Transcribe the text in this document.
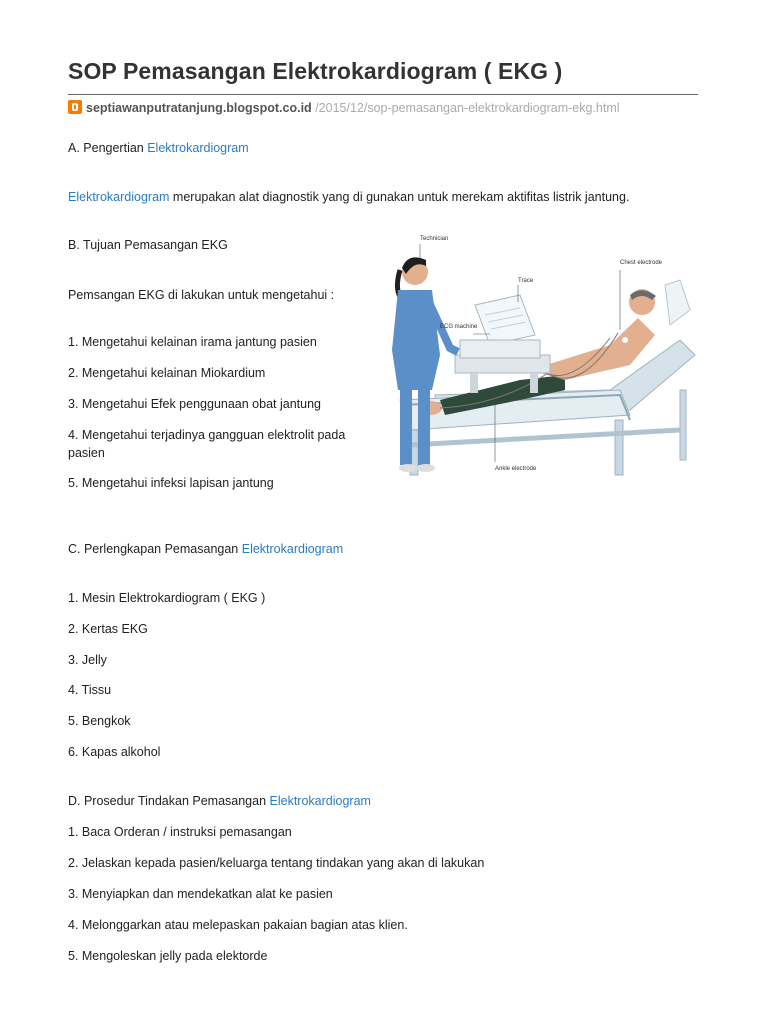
SOP Pemasangan Elektrokardiogram ( EKG )
septiawanputratanjung.blogspot.co.id /2015/12/sop-pemasangan-elektrokardiogram-ekg.html
A. Pengertian Elektrokardiogram
Elektrokardiogram merupakan alat diagnostik yang di gunakan untuk merekam aktifitas listrik jantung.
B. Tujuan Pemasangan EKG
Pemsangan EKG di lakukan untuk mengetahui :
1. Mengetahui kelainan irama jantung pasien
2. Mengetahui kelainan Miokardium
3. Mengetahui Efek penggunaan obat jantung
4. Mengetahui terjadinya gangguan elektrolit pada pasien
5. Mengetahui infeksi lapisan jantung
Technician
Chest electrode
Trace
ECG machine
Ankle electrode
C. Perlengkapan Pemasangan Elektrokardiogram
1. Mesin Elektrokardiogram ( EKG )
2. Kertas EKG
3. Jelly
4. Tissu
5. Bengkok
6. Kapas alkohol
D. Prosedur Tindakan Pemasangan Elektrokardiogram
1. Baca Orderan / instruksi pemasangan
2. Jelaskan kepada pasien/keluarga tentang tindakan yang akan di lakukan
3. Menyiapkan dan mendekatkan alat ke pasien
4. Melonggarkan atau melepaskan pakaian bagian atas klien.
5. Mengoleskan jelly pada elektorde
